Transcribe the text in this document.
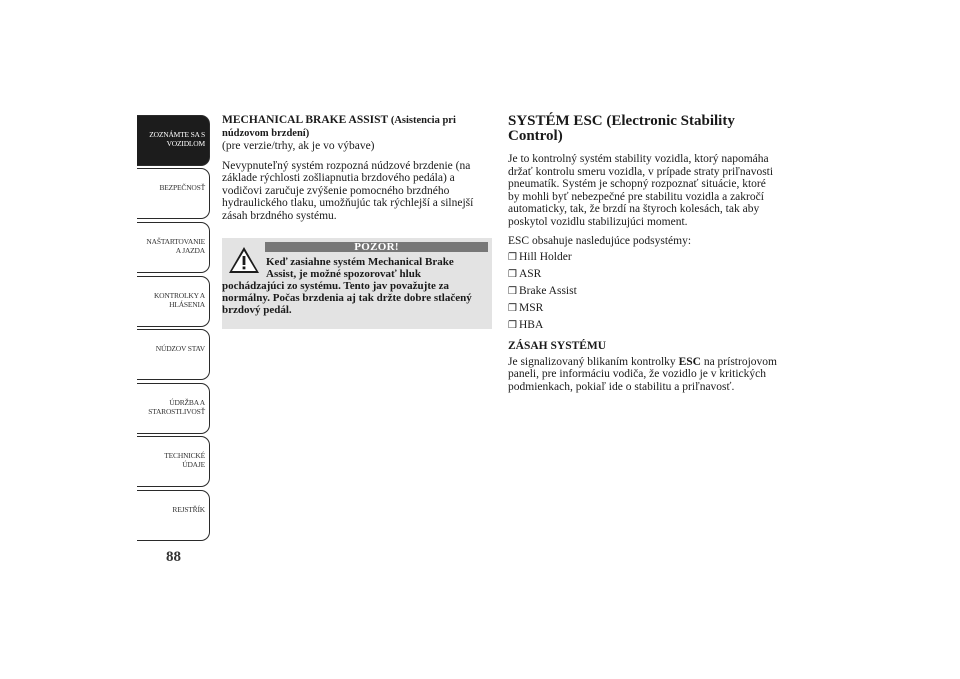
ZOZNÁMTE SA S
VOZIDLOM
BEZPEČNOSŤ
NAŠTARTOVANIE
A JAZDA
KONTROLKY A
HLÁSENIA
NÚDZOV STAV
ÚDRŽBA A
STAROSTLIVOSŤ
TECHNICKÉ
ÚDAJE
REJSTŘÍK
88
MECHANICAL BRAKE ASSIST (Asistencia pri núdzovom brzdení)

(pre verzie/trhy, ak je vo výbave)

Nevypnuteľný systém rozpozná núdzové brzdenie (na základe rýchlosti zošliapnutia brzdového pedála) a vodičovi zaručuje zvýšenie pomocného brzdného hydraulického tlaku, umožňujúc tak rýchlejší a silnejší zásah brzdného systému.

POZOR!
Keď zasiahne systém Mechanical Brake Assist, je možné spozorovať hluk
pochádzajúci zo systému. Tento jav považujte za normálny. Počas brzdenia aj tak držte dobre stlačený brzdový pedál.
SYSTÉM ESC (Electronic Stability Control)

Je to kontrolný systém stability vozidla, ktorý napomáha držať kontrolu smeru vozidla, v prípade straty priľnavosti pneumatík. Systém je schopný rozpoznať situácie, ktoré by mohli byť nebezpečné pre stabilitu vozidla a zakročí automaticky, tak, že brzdí na štyroch kolesách, tak aby poskytol vozidlu stabilizujúci moment.

ESC obsahuje nasledujúce podsystémy:

❒ Hill Holder
❒ ASR
❒ Brake Assist
❒ MSR
❒ HBA
ZÁSAH SYSTÉMU

Je signalizovaný blikaním kontrolky ESC na prístrojovom paneli, pre informáciu vodiča, že vozidlo je v kritických podmienkach, pokiaľ ide o stabilitu a priľnavosť.
